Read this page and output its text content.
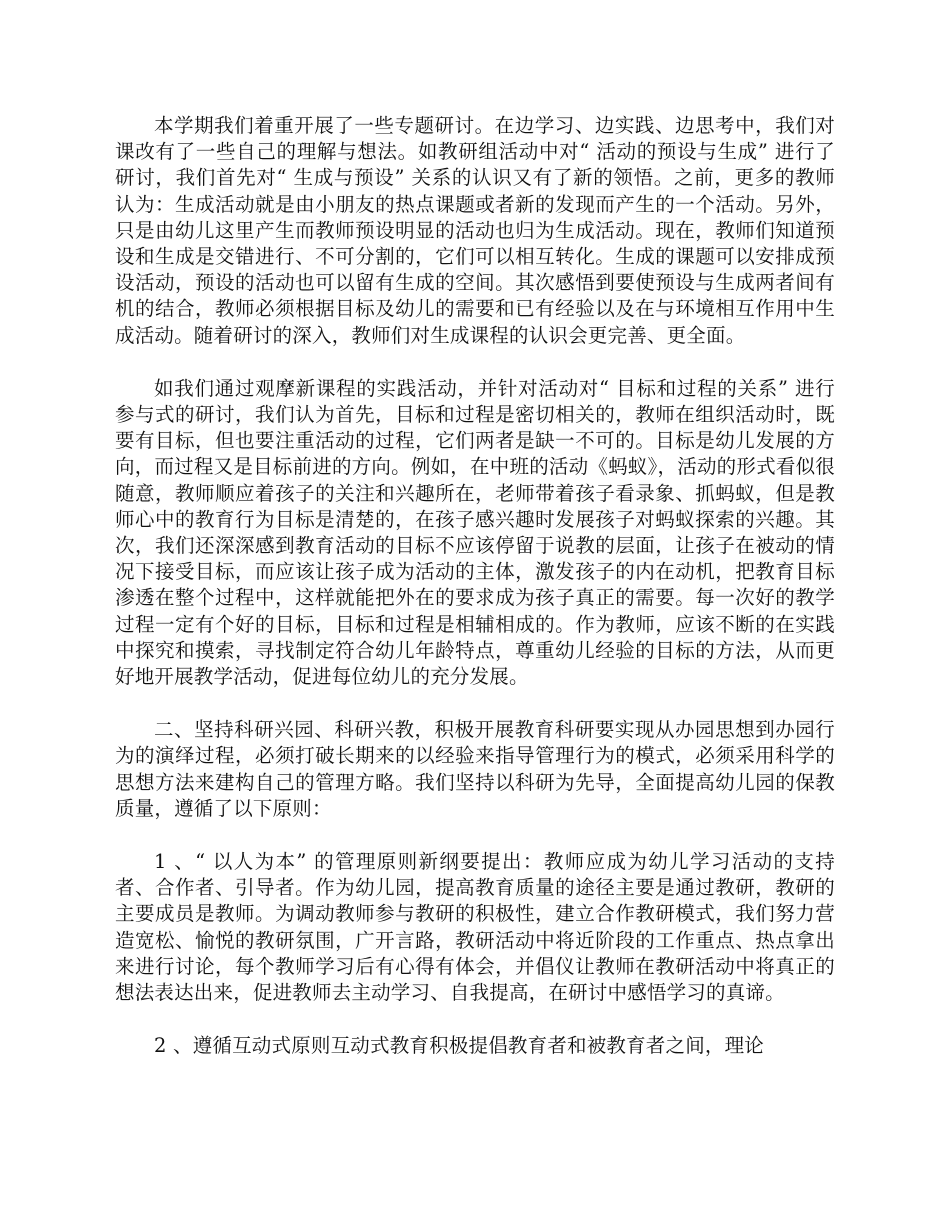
本学期我们着重开展了一些专题研讨。在边学习、边实践、边思考中，我们对课改有了一些自己的理解与想法。如教研组活动中对“ 活动的预设与生成” 进行了研讨，我们首先对“ 生成与预设” 关系的认识又有了新的领悟。之前，更多的教师认为：生成活动就是由小朋友的热点课题或者新的发现而产生的一个活动。另外，只是由幼儿这里产生而教师预设明显的活动也归为生成活动。现在，教师们知道预设和生成是交错进行、不可分割的，它们可以相互转化。生成的课题可以安排成预设活动，预设的活动也可以留有生成的空间。其次感悟到要使预设与生成两者间有机的结合，教师必须根据目标及幼儿的需要和已有经验以及在与环境相互作用中生成活动。随着研讨的深入，教师们对生成课程的认识会更完善、更全面。

如我们通过观摩新课程的实践活动，并针对活动对“ 目标和过程的关系” 进行参与式的研讨，我们认为首先，目标和过程是密切相关的，教师在组织活动时，既要有目标，但也要注重活动的过程，它们两者是缺一不可的。目标是幼儿发展的方向，而过程又是目标前进的方向。例如，在中班的活动《蚂蚁》，活动的形式看似很随意，教师顺应着孩子的关注和兴趣所在，老师带着孩子看录象、抓蚂蚁，但是教师心中的教育行为目标是清楚的，在孩子感兴趣时发展孩子对蚂蚁探索的兴趣。其次，我们还深深感到教育活动的目标不应该停留于说教的层面，让孩子在被动的情况下接受目标，而应该让孩子成为活动的主体，激发孩子的内在动机，把教育目标渗透在整个过程中，这样就能把外在的要求成为孩子真正的需要。每一次好的教学过程一定有个好的目标，目标和过程是相辅相成的。作为教师，应该不断的在实践中探究和摸索，寻找制定符合幼儿年龄特点，尊重幼儿经验的目标的方法，从而更好地开展教学活动，促进每位幼儿的充分发展。

二、坚持科研兴园、科研兴教，积极开展教育科研要实现从办园思想到办园行为的演绎过程，必须打破长期来的以经验来指导管理行为的模式，必须采用科学的思想方法来建构自己的管理方略。我们坚持以科研为先导，全面提高幼儿园的保教质量，遵循了以下原则：

1 、“ 以人为本” 的管理原则新纲要提出：教师应成为幼儿学习活动的支持者、合作者、引导者。作为幼儿园，提高教育质量的途径主要是通过教研，教研的主要成员是教师。为调动教师参与教研的积极性，建立合作教研模式，我们努力营造宽松、愉悦的教研氛围，广开言路，教研活动中将近阶段的工作重点、热点拿出来进行讨论，每个教师学习后有心得有体会，并倡仪让教师在教研活动中将真正的想法表达出来，促进教师去主动学习、自我提高，在研讨中感悟学习的真谛。

2 、遵循互动式原则互动式教育积极提倡教育者和被教育者之间，理论
